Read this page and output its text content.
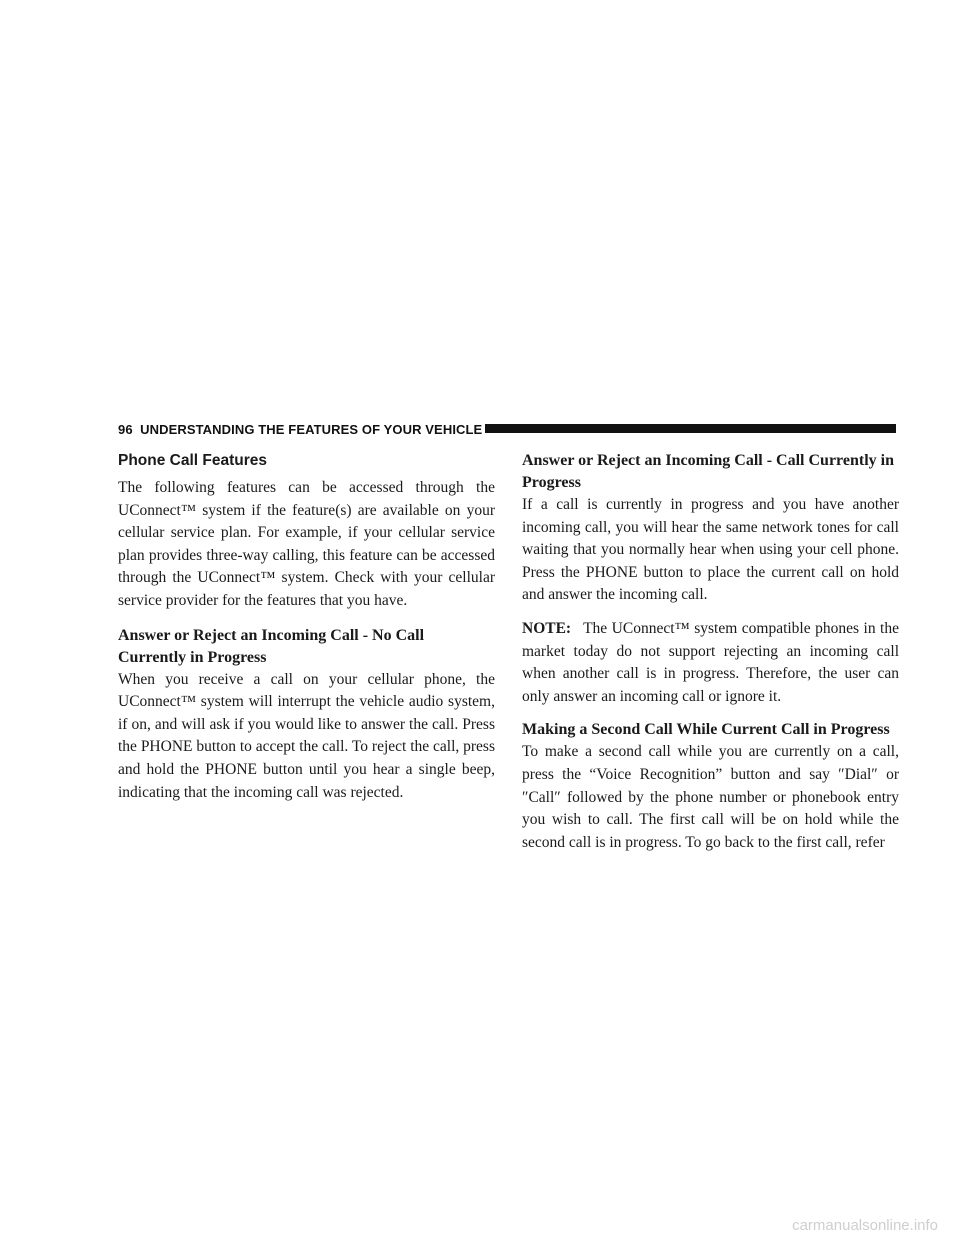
96 UNDERSTANDING THE FEATURES OF YOUR VEHICLE
Phone Call Features

The following features can be accessed through the UConnect™ system if the feature(s) are available on your cellular service plan. For example, if your cellular service plan provides three-way calling, this feature can be accessed through the UConnect™ system. Check with your cellular service provider for the features that you have.

Answer or Reject an Incoming Call - No Call Currently in Progress

When you receive a call on your cellular phone, the UConnect™ system will interrupt the vehicle audio system, if on, and will ask if you would like to answer the call. Press the PHONE button to accept the call. To reject the call, press and hold the PHONE button until you hear a single beep, indicating that the incoming call was rejected.

Answer or Reject an Incoming Call - Call Currently in Progress

If a call is currently in progress and you have another incoming call, you will hear the same network tones for call waiting that you normally hear when using your cell phone. Press the PHONE button to place the current call on hold and answer the incoming call.

NOTE: The UConnect™ system compatible phones in the market today do not support rejecting an incoming call when another call is in progress. Therefore, the user can only answer an incoming call or ignore it.

Making a Second Call While Current Call in Progress

To make a second call while you are currently on a call, press the “Voice Recognition” button and say ″Dial″ or ″Call″ followed by the phone number or phonebook entry you wish to call. The first call will be on hold while the second call is in progress. To go back to the first call, refer

carmanualsonline.info
